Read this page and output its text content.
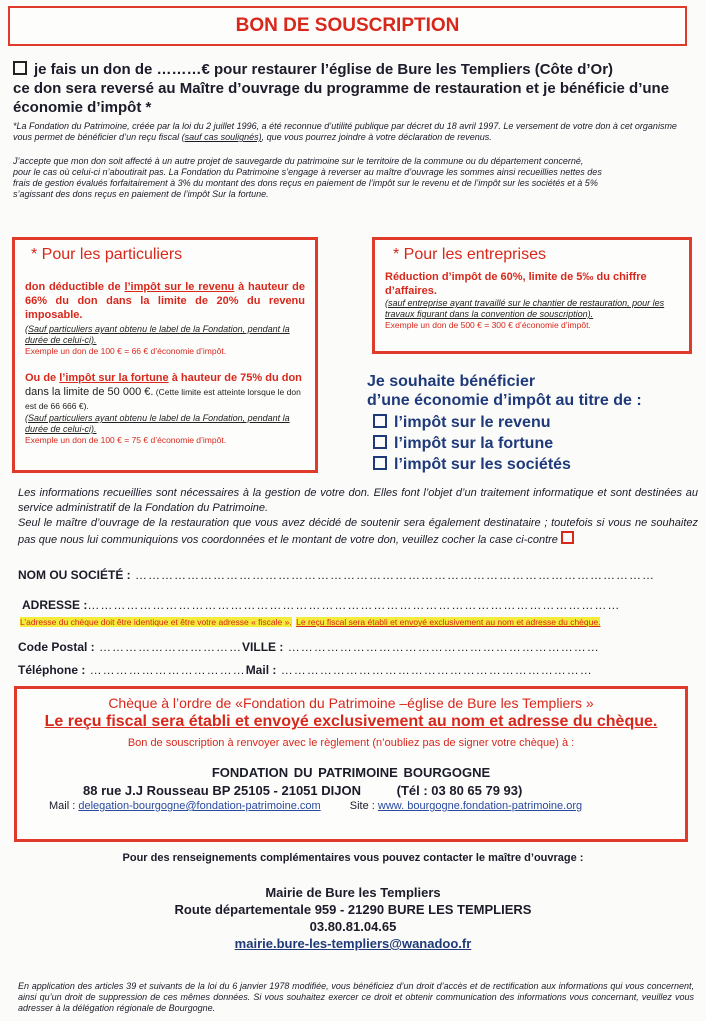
BON DE SOUSCRIPTION
je fais un don de ………€ pour restaurer l’église de Bure les Templiers (Côte d’Or)
ce don sera reversé au Maître d’ouvrage du programme de restauration et je bénéficie d’une
économie d’impôt *
*La Fondation du Patrimoine, créée par la loi du 2 juillet 1996, a été reconnue d’utilité publique par décret du 18 avril 1997. Le versement de votre don à cet organisme vous permet de bénéficier d’un reçu fiscal (sauf cas soulignés), que vous pourrez joindre à votre déclaration de revenus.
J’accepte que mon don soit affecté à un autre projet de sauvegarde du patrimoine sur le territoire de la commune ou du département concerné,
pour le cas où celui-ci n’aboutirait pas. La Fondation du Patrimoine s’engage à reverser au maître d’ouvrage les sommes ainsi recueillies nettes des
frais de gestion évalués forfaitairement à 3% du montant des dons reçus en paiement de l’impôt sur le revenu et de l’impôt sur les sociétés et à 5%
s’agissant des dons reçus en paiement de l’impôt Sur la fortune.
* Pour les particuliers
don déductible de l’impôt sur le revenu à hauteur de 66% du don dans la limite de 20% du revenu imposable.
(Sauf particuliers ayant obtenu le label de la Fondation, pendant la durée de celui-ci).
Exemple un don de 100 € = 66 € d’économie d’impôt.
Ou de l’impôt sur la fortune à hauteur de 75% du don dans la limite de 50 000 €. (Cette limite est atteinte lorsque le don est de 66 666 €).
(Sauf particuliers ayant obtenu le label de la Fondation, pendant la durée de celui-ci).
Exemple un don de 100 € = 75 € d’économie d’impôt.
* Pour les entreprises
Réduction d’impôt de 60%, limite de 5‰ du chiffre d’affaires.
(sauf entreprise ayant travaillé sur le chantier de restauration, pour les travaux figurant dans la convention de souscription).
Exemple un don de 500 € = 300 € d’économie d’impôt.
Je souhaite bénéficier
d’une économie d’impôt au titre de :
l’impôt sur le revenu
l’impôt sur la fortune
l’impôt sur les sociétés
Les informations recueillies sont nécessaires à la gestion de votre don. Elles font l’objet d’un traitement informatique et sont destinées au service administratif de la Fondation du Patrimoine.
Seul le maître d’ouvrage de la restauration que vous avez décidé de soutenir sera également destinataire ; toutefois si vous ne souhaitez pas que nous lui communiquions vos coordonnées et le montant de votre don, veuillez cocher la case ci-contre
NOM OU SOCIÉTÉ : …………………………………………………………………………………………………………
ADRESSE :……………………………………………………………………………………………………………
L’adresse du chèque doit être identique et être votre adresse « fiscale ». Le reçu fiscal sera établi et envoyé exclusivement au nom et adresse du chèque.
Code Postal : ……………………………VILLE : ………………………………………………………………
Téléphone : ………………………………Mail : ………………………………………………………………
Chèque à l’ordre de «Fondation du Patrimoine –église de Bure les Templiers »
Le reçu fiscal sera établi et envoyé exclusivement au nom et adresse du chèque.
Bon de souscription à renvoyer avec le règlement (n’oubliez pas de signer votre chèque) à :
FONDATION DU PATRIMOINE BOURGOGNE
88 rue J.J Rousseau BP 25105 - 21051 DIJON	(Tél : 03 80 65 79 93)
Mail : delegation-bourgogne@fondation-patrimoine.com	Site : www. bourgogne.fondation-patrimoine.org
Pour des renseignements complémentaires vous pouvez contacter le maître d’ouvrage :
Mairie de Bure les Templiers
Route départementale 959 - 21290 BURE LES TEMPLIERS
03.80.81.04.65
mairie.bure-les-templiers@wanadoo.fr
En application des articles 39 et suivants de la loi du 6 janvier 1978 modifiée, vous bénéficiez d’un droit d’accès et de rectification aux informations qui vous concernent, ainsi qu’un droit de suppression de ces mêmes données. Si vous souhaitez exercer ce droit et obtenir communication des informations vous concernant, veuillez vous adresser à la délégation régionale de Bourgogne.
